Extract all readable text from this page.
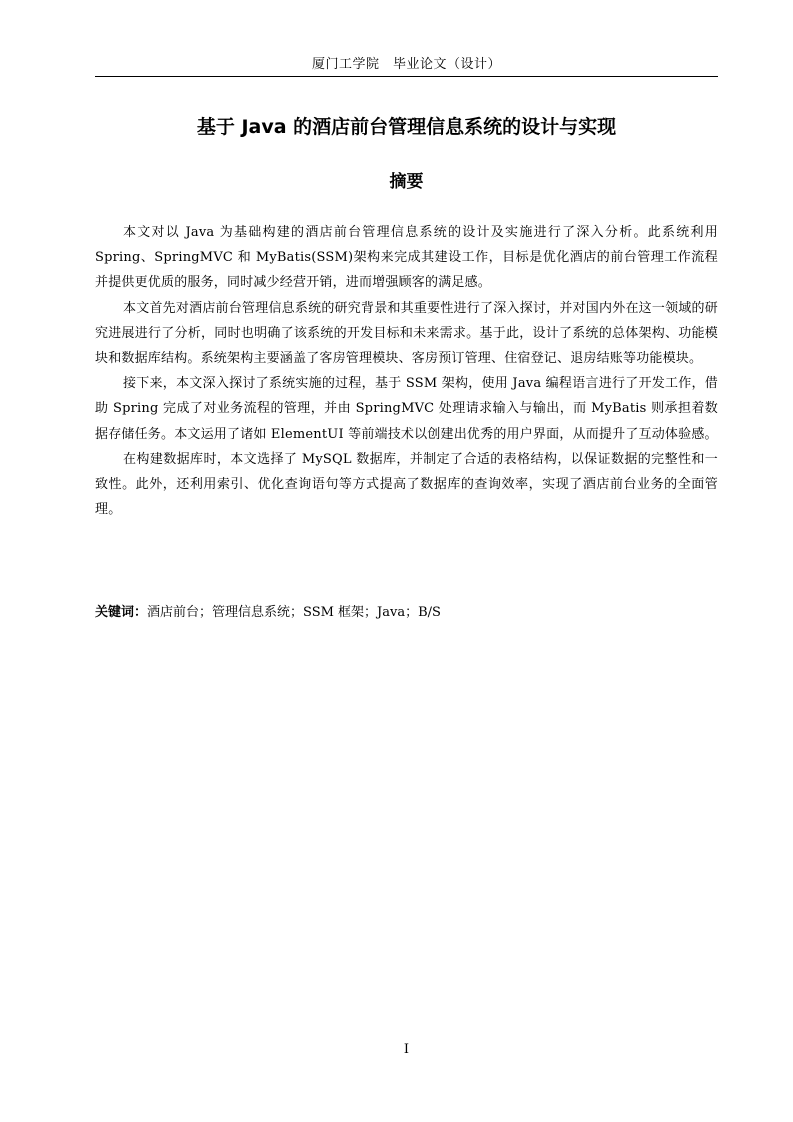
厦门工学院　毕业论文（设计）
基于 Java 的酒店前台管理信息系统的设计与实现
摘要

本文对以 Java 为基础构建的酒店前台管理信息系统的设计及实施进行了深入分析。此系统利用 Spring、SpringMVC 和 MyBatis(SSM)架构来完成其建设工作，目标是优化酒店的前台管理工作流程并提供更优质的服务，同时减少经营开销，进而增强顾客的满足感。

本文首先对酒店前台管理信息系统的研究背景和其重要性进行了深入探讨，并对国内外在这一领域的研究进展进行了分析，同时也明确了该系统的开发目标和未来需求。基于此，设计了系统的总体架构、功能模块和数据库结构。系统架构主要涵盖了客房管理模块、客房预订管理、住宿登记、退房结账等功能模块。

接下来，本文深入探讨了系统实施的过程，基于 SSM 架构，使用 Java 编程语言进行了开发工作，借助 Spring 完成了对业务流程的管理，并由 SpringMVC 处理请求输入与输出，而 MyBatis 则承担着数据存储任务。本文运用了诸如 ElementUI 等前端技术以创建出优秀的用户界面，从而提升了互动体验感。

在构建数据库时，本文选择了 MySQL 数据库，并制定了合适的表格结构，以保证数据的完整性和一致性。此外，还利用索引、优化查询语句等方式提高了数据库的查询效率，实现了酒店前台业务的全面管理。

关键词：酒店前台；管理信息系统；SSM 框架；Java；B/S
I
